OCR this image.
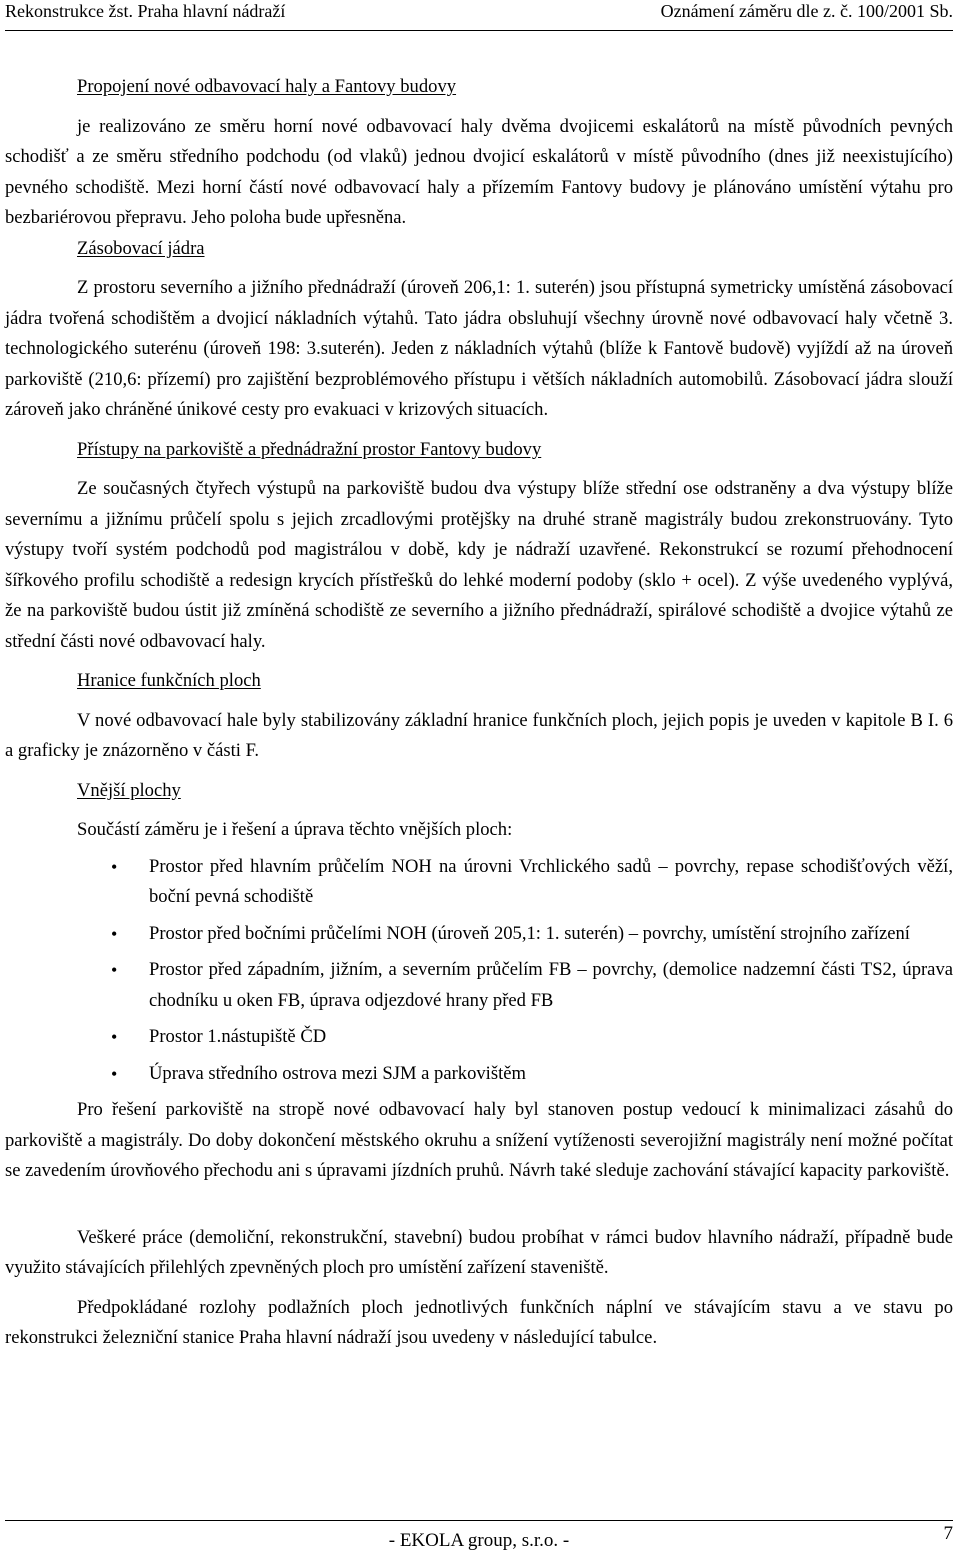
Rekonstrukce žst. Praha hlavní nádraží	Oznámení záměru dle z. č. 100/2001 Sb.
Propojení nové odbavovací haly a Fantovy budovy

je realizováno ze směru horní nové odbavovací haly dvěma dvojicemi eskalátorů na místě původních pevných schodišť a ze směru středního podchodu (od vlaků) jednou dvojicí eskalátorů v místě původního (dnes již neexistujícího) pevného schodiště. Mezi horní částí nové odbavovací haly a přízemím Fantovy budovy je plánováno umístění výtahu pro bezbariérovou přepravu. Jeho poloha bude upřesněna.

Zásobovací jádra

Z prostoru severního a jižního přednádraží (úroveň 206,1: 1. suterén) jsou přístupná symetricky umístěná zásobovací jádra tvořená schodištěm a dvojicí nákladních výtahů. Tato jádra obsluhují všechny úrovně nové odbavovací haly včetně 3. technologického suterénu (úroveň 198: 3.suterén). Jeden z nákladních výtahů (blíže k Fantově budově) vyjíždí až na úroveň parkoviště (210,6: přízemí) pro zajištění bezproblémového přístupu i větších nákladních automobilů. Zásobovací jádra slouží zároveň jako chráněné únikové cesty pro evakuaci v krizových situacích.

Přístupy na parkoviště a přednádražní prostor Fantovy budovy

Ze současných čtyřech výstupů na parkoviště budou dva výstupy blíže střední ose odstraněny a dva výstupy blíže severnímu a jižnímu průčelí spolu s jejich zrcadlovými protějšky na druhé straně magistrály budou zrekonstruovány. Tyto výstupy tvoří systém podchodů pod magistrálou v době, kdy je nádraží uzavřené. Rekonstrukcí se rozumí přehodnocení šířkového profilu schodiště a redesign krycích přístřešků do lehké moderní podoby (sklo + ocel). Z výše uvedeného vyplývá, že na parkoviště budou ústit již zmíněná schodiště ze severního a jižního přednádraží, spirálové schodiště a dvojice výtahů ze střední části nové odbavovací haly.

Hranice funkčních ploch

V nové odbavovací hale byly stabilizovány základní hranice funkčních ploch, jejich popis je uveden v kapitole B I. 6 a graficky je znázorněno v části F.

Vnější plochy

Součástí záměru je i řešení a úprava těchto vnějších ploch:

• Prostor před hlavním průčelím NOH na úrovni Vrchlického sadů – povrchy, repase schodišťových věží, boční pevná schodiště
• Prostor před bočními průčelími NOH (úroveň 205,1: 1. suterén) – povrchy, umístění strojního zařízení
• Prostor před západním, jižním, a severním průčelím FB – povrchy, (demolice nadzemní části TS2, úprava chodníku u oken FB, úprava odjezdové hrany před FB
• Prostor 1.nástupiště ČD
• Úprava středního ostrova mezi SJM a parkovištěm

Pro řešení parkoviště na stropě nové odbavovací haly byl stanoven postup vedoucí k minimalizaci zásahů do parkoviště a magistrály. Do doby dokončení městského okruhu a snížení vytíženosti severojižní magistrály není možné počítat se zavedením úrovňového přechodu ani s úpravami jízdních pruhů. Návrh také sleduje zachování stávající kapacity parkoviště.

Veškeré práce (demoliční, rekonstrukční, stavební) budou probíhat v rámci budov hlavního nádraží, případně bude využito stávajících přilehlých zpevněných ploch pro umístění zařízení staveniště.

Předpokládané rozlohy podlažních ploch jednotlivých funkčních náplní ve stávajícím stavu a ve stavu po rekonstrukci železniční stanice Praha hlavní nádraží jsou uvedeny v následující tabulce.

- EKOLA group, s.r.o. -	7
